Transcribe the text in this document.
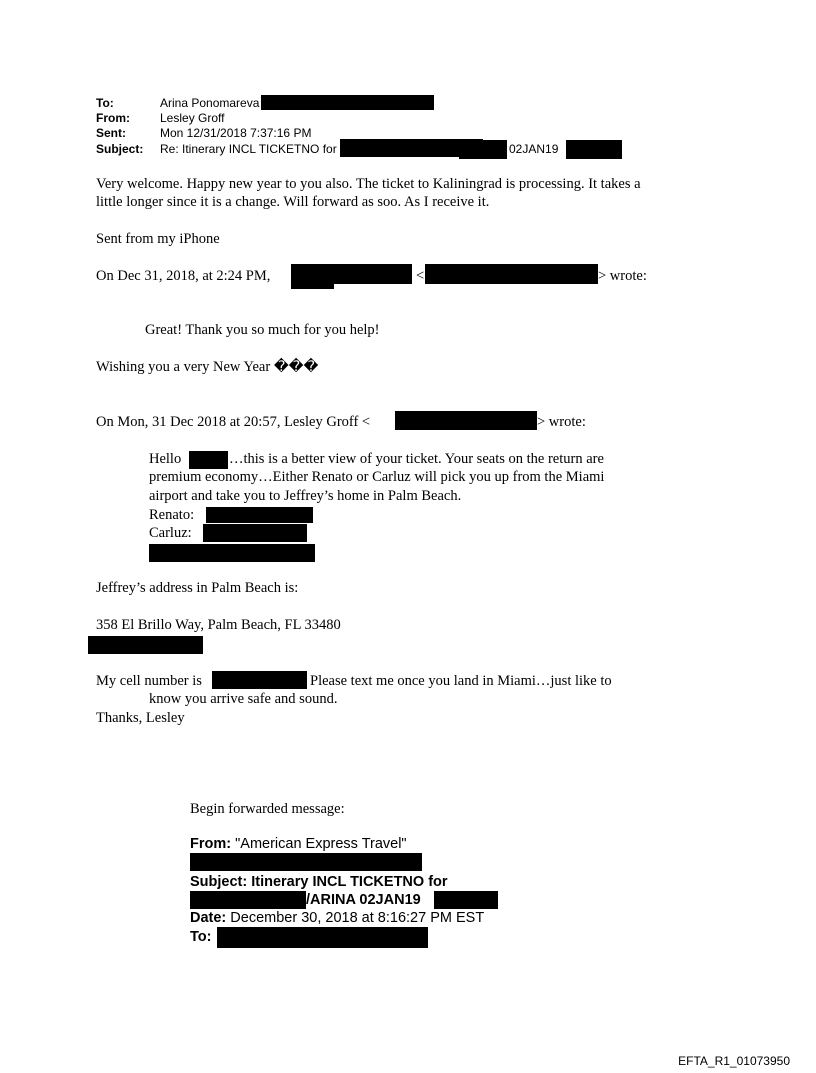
To:	Arina Ponomareva
From:	Lesley Groff
Sent:	Mon 12/31/2018 7:37:16 PM
Subject: Re: Itinerary INCL TICKETNO for	02JAN19
Very welcome. Happy new year to you also. The ticket to Kaliningrad is processing. It takes a
little longer since it is a change. Will forward as soo. As I receive it.
Sent from my iPhone
On Dec 31, 2018, at 2:24 PM,	<	> wrote:
Great! Thank you so much for you help!
Wishing you a very New Year ���
On Mon, 31 Dec 2018 at 20:57, Lesley Groff <	> wrote:
Hello	…this is a better view of your ticket. Your seats on the return are
premium economy…Either Renato or Carluz will pick you up from the Miami
airport and take you to Jeffrey’s home in Palm Beach.
Renato:
Carluz:
Jeffrey’s address in Palm Beach is:
358 El Brillo Way, Palm Beach, FL 33480
My cell number is	Please text me once you land in Miami…just like to
know you arrive safe and sound.
Thanks, Lesley
Begin forwarded message:
From: "American Express Travel"
Subject: Itinerary INCL TICKETNO for
/ARINA 02JAN19
Date: December 30, 2018 at 8:16:27 PM EST
To:
EFTA_R1_01073950
